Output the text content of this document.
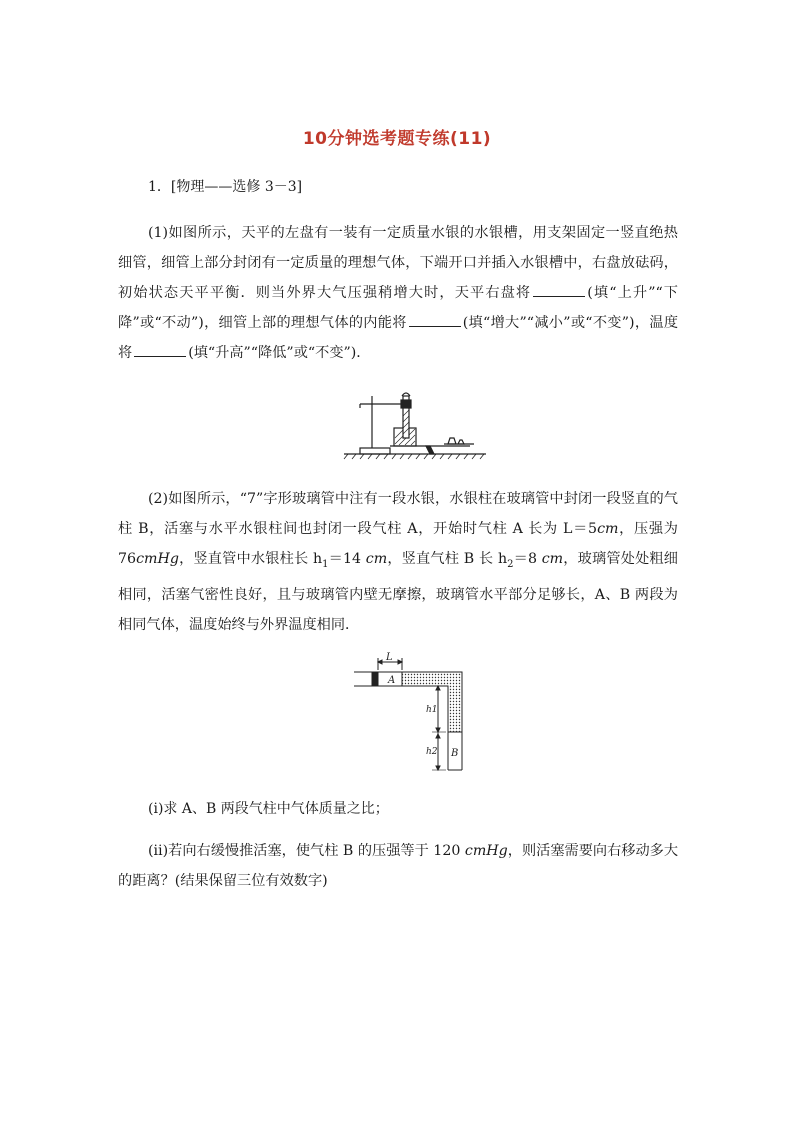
10分钟选考题专练(11)
1．[物理——选修 3－3]
(1)如图所示，天平的左盘有一装有一定质量水银的水银槽，用支架固定一竖直绝热细管，细管上部分封闭有一定质量的理想气体，下端开口并插入水银槽中，右盘放砝码，初始状态天平平衡．则当外界大气压强稍增大时，天平右盘将	(填“上升”“下降”或“不动”)，细管上部的理想气体的内能将	(填“增大”“减小”或“不变”)，温度将	(填“升高”“降低”或“不变”)．
(2)如图所示，“7”字形玻璃管中注有一段水银，水银柱在玻璃管中封闭一段竖直的气柱 B，活塞与水平水银柱间也封闭一段气柱 A，开始时气柱 A 长为 L＝5cm，压强为 76cmHg，竖直管中水银柱长 $h_1=14$ cm，竖直气柱 B 长 $h_2=8$ cm，玻璃管处处粗细相同，活塞气密性良好，且与玻璃管内壁无摩擦，玻璃管水平部分足够长，A、B 两段为相同气体，温度始终与外界温度相同．
L
A
B
h1
h2
(ⅰ)求 A、B 两段气柱中气体质量之比；
(ⅱ)若向右缓慢推活塞，使气柱 B 的压强等于 120 cmHg，则活塞需要向右移动多大的距离？(结果保留三位有效数字)
